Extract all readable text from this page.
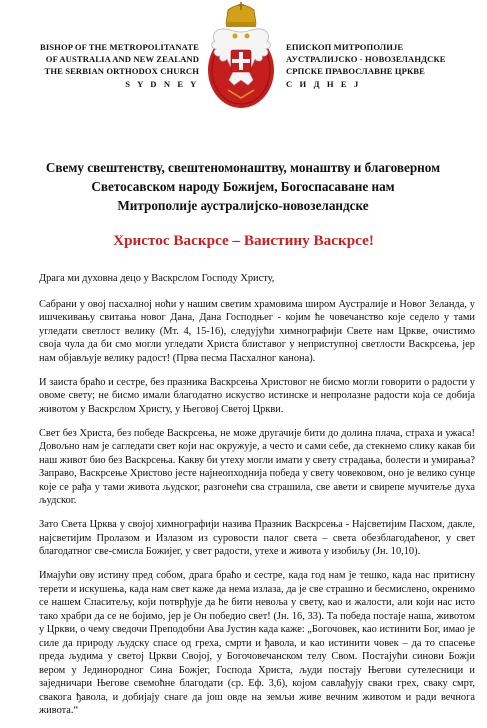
BISHOP OF THE METROPOLITANATE
OF AUSTRALIA AND NEW ZEALAND
THE SERBIAN ORTHODOX CHURCH
S Y D N E Y
ЕПИСКОП МИТРОПОЛИЈЕ
АУСТРАЛИЈСКО - НОВОЗЕЛАНДСКЕ
СРПСКЕ ПРАВОСЛАВНЕ ЦРКВЕ
С И Д Н Е Ј
Свему свештенству, свештеномонаштву, монаштву и благоверном
Светосавском народу Божијем, Богоспасаване нам
Митрополије аустралијско-новозеландске
Христос Васкрсе – Ваистину Васкрсе!

Драга ми духовна децо у Васкрслом Господу Христу,

Сабрани у овој пасхалној ноћи у нашим светим храмовима широм Аустралије и Новог Зеланда, у ишчекивању свитања новог Дана, Дана Господњег - којим ће човечанство које седело у тами угледати светлост велику (Мт. 4, 15-16), следујући химнографији Свете нам Цркве, очистимо своја чула да би смо могли угледати Христа блиставог у неприступној светлости Васкрсења, јер нам објављује велику радост! (Прва песма Пасхалног канона).

И заиста браћо и сестре, без празника Васкрсења Христовог не бисмо могли говорити о радости у овоме свету; не бисмо имали благодатно искуство истинске и непролазне радости која се добија животом у Васкрслом Христу, у Његовој Светој Цркви.

Свет без Христа, без победе Васкрсења, не може другачије бити до долина плача, страха и ужаса! Довољно нам је сагледати свет који нас окружује, а често и сами себе, да стекнемо слику какав би наш живот био без Васкрсења. Какву би утеху могли имати у свету страдања, болести и умирања? Заправо, Васкрсење Христово јесте најнеопходнија победа у свету човековом, оно је велико сунце које се рађа у тами живота људског, разгонећи сва страшила, све авети и свирепе мучитеље духа људског.

Зато Света Црква у својој химнографији назива Празник Васкрсења - Најсветијим Пасхом, дакле, најсветијим Пролазом и Излазом из суровости палог света – света обезблагодаћеног, у свет благодатног све-смисла Божијег, у свет радости, утехе и живота у изобиљу (Јн. 10,10).

Имајући ову истину пред собом, драга браћо и сестре, када год нам је тешко, када нас притисну терети и искушења, када нам свет каже да нема излаза, да је све страшно и бесмислено, окренимо се нашем Спаситељу, који потврђује да ће бити невоља у свету, као и жалости, али који нас исто тако храбри да се не бојимо, јер је Он победио свет! (Јн. 16, 33). Та победа постаје наша, животом у Цркви, о чему сведочи Преподобни Ава Јустин када каже: „Богочовек, као истинити Бог, имао је силе да природу људску спасе од греха, смрти и ђавола, и као истинити човек – да то спасење преда људима у светој Цркви Својој, у Богочовечанском телу Свом. Постајући синови Божји вером у Јединородног Сина Божјег, Господа Христа, људи постају Његови сутелесници и заједничари Његове свемоћне благодати (ср. Еф. 3,6), којом савлађују сваки грех, сваку смрт, свакога ђавола, и добијају снаге да још овде на земљи живе вечним животом и ради вечнога живота.“
